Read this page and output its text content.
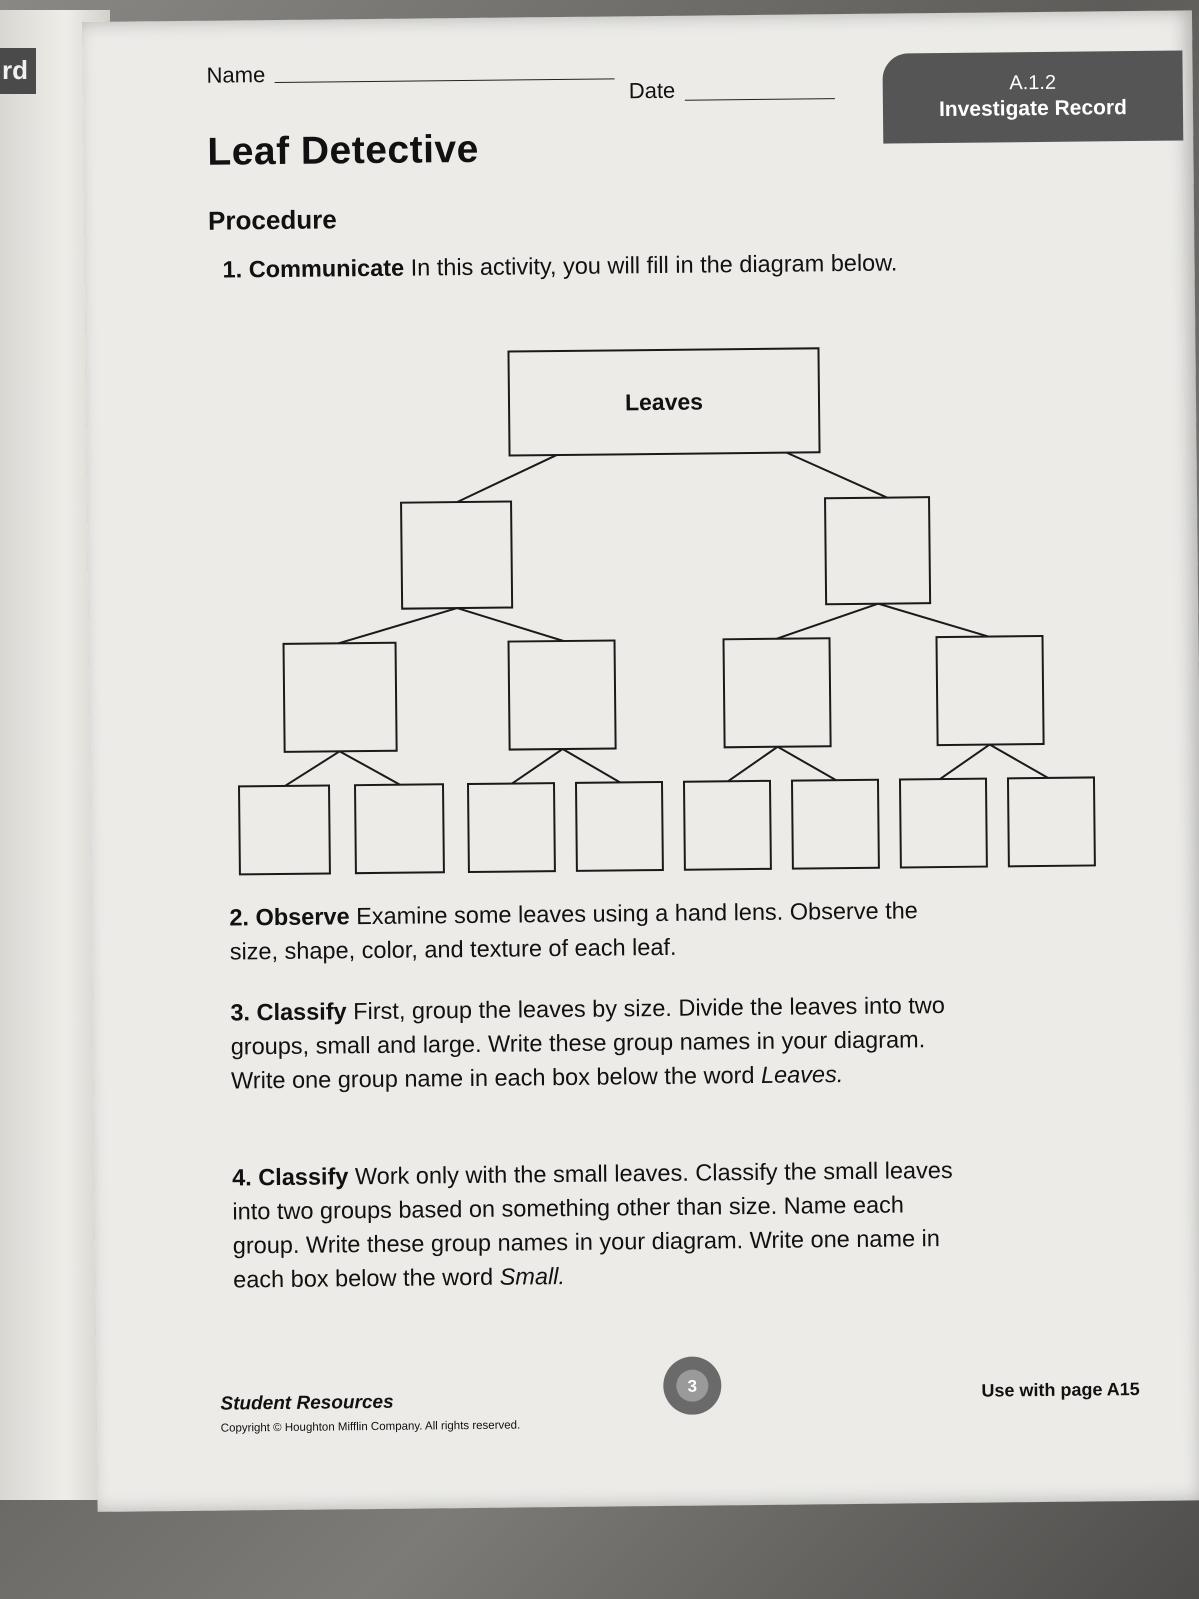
rd	Name
Date	A.1.2
Investigate Record
Leaf Detective
Procedure
1. Communicate In this activity, you will fill in the diagram below.
Leaves
2. Observe Examine some leaves using a hand lens. Observe the size, shape, color, and texture of each leaf.
3. Classify First, group the leaves by size. Divide the leaves into two groups, small and large. Write these group names in your diagram. Write one group name in each box below the word Leaves.
4. Classify Work only with the small leaves. Classify the small leaves into two groups based on something other than size. Name each group. Write these group names in your diagram. Write one name in each box below the word Small.
Student Resources
Copyright © Houghton Mifflin Company. All rights reserved.
3	Use with page A15
